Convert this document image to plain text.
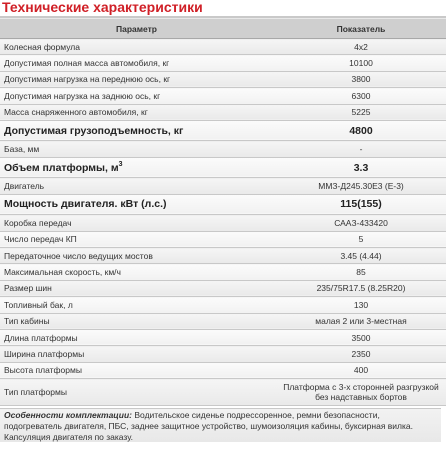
Технические характеристики
Параметр	Показатель
Колесная формула	4x2
Допустимая полная масса автомобиля, кг	10100
Допустимая нагрузка на переднюю ось, кг	3800
Допустимая нагрузка на заднюю ось, кг	6300
Масса снаряженного автомобиля, кг	5225
Допустимая грузоподъемность, кг	4800
База, мм	-
Объем платформы, $м^3$	3.3
Двигатель	ММЗ-Д245.30Е3 (Е-3)
Мощность двигателя. кВт (л.с.)	115(155)
Коробка передач	САAЗ-433420
Число передач КП	5
Передаточное число ведущих мостов	3.45 (4.44)
Максимальная скорость, км/ч	85
Размер шин	235/75R17.5 (8.25R20)
Топливный бак, л	130
Тип кабины	малая 2 или 3-местная
Длина платформы	3500
Ширина платформы	2350
Высота платформы	400
Тип платформы	Платформа с 3-х сторонней разгрузкой без надставных бортов
Особенности комплектации: Водительское сиденье подрессоренное, ремни безопасности, подогреватель двигателя, ПБС, заднее защитное устройство, шумоизоляция кабины, буксирная вилка.
Капсуляция двигателя по заказу.
